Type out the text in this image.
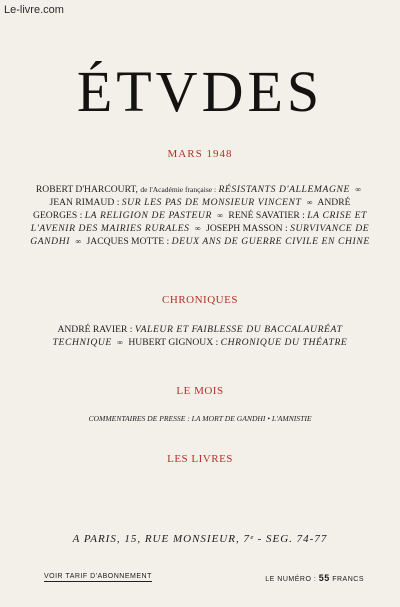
Le-livre.com
ÉTVDES
MARS 1948
ROBERT D'HARCOURT, de l'Académie française : RÉSISTANTS D'ALLEMAGNE ∞ JEAN RIMAUD : SUR LES PAS DE MONSIEUR VINCENT ∞ ANDRÉ GEORGES : LA RELIGION DE PASTEUR ∞ RENÉ SAVATIER : LA CRISE ET L'AVENIR DES MAIRIES RURALES ∞ JOSEPH MASSON : SURVIVANCE DE GANDHI ∞ JACQUES MOTTE : DEUX ANS DE GUERRE CIVILE EN CHINE
CHRONIQUES
ANDRÉ RAVIER : VALEUR ET FAIBLESSE DU BACCALAURÉAT TECHNIQUE ∞ HUBERT GIGNOUX : CHRONIQUE DU THÉATRE
LE MOIS
COMMENTAIRES DE PRESSE : LA MORT DE GANDHI • L'AMNISTIE
LES LIVRES
A PARIS, 15, RUE MONSIEUR, 7ᵉ - SEG. 74-77
VOIR TARIF D'ABONNEMENT	LE NUMÉRO : 55 FRANCS
